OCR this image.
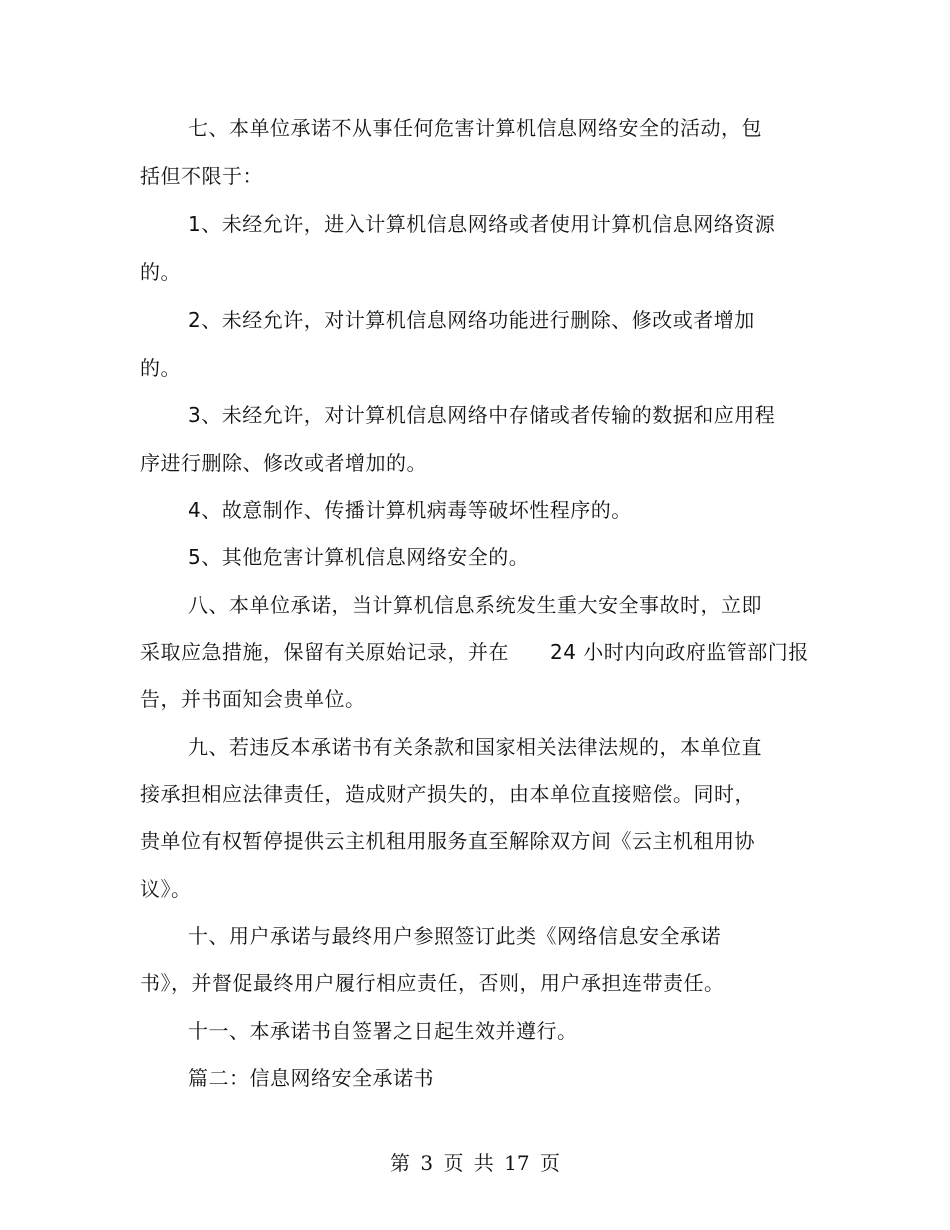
七、本单位承诺不从事任何危害计算机信息网络安全的活动，包
括但不限于：
1、未经允许，进入计算机信息网络或者使用计算机信息网络资源
的。
2、未经允许，对计算机信息网络功能进行删除、修改或者增加
的。
3、未经允许，对计算机信息网络中存储或者传输的数据和应用程
序进行删除、修改或者增加的。
4、故意制作、传播计算机病毒等破坏性程序的。
5、其他危害计算机信息网络安全的。
八、本单位承诺，当计算机信息系统发生重大安全事故时，立即
采取应急措施，保留有关原始记录，并在　　24 小时内向政府监管部门报
告，并书面知会贵单位。
九、若违反本承诺书有关条款和国家相关法律法规的，本单位直
接承担相应法律责任，造成财产损失的，由本单位直接赔偿。同时，
贵单位有权暂停提供云主机租用服务直至解除双方间《云主机租用协
议》。
十、用户承诺与最终用户参照签订此类《网络信息安全承诺
书》，并督促最终用户履行相应责任，否则，用户承担连带责任。
十一、本承诺书自签署之日起生效并遵行。
篇二：信息网络安全承诺书
第 3 页 共 17 页
